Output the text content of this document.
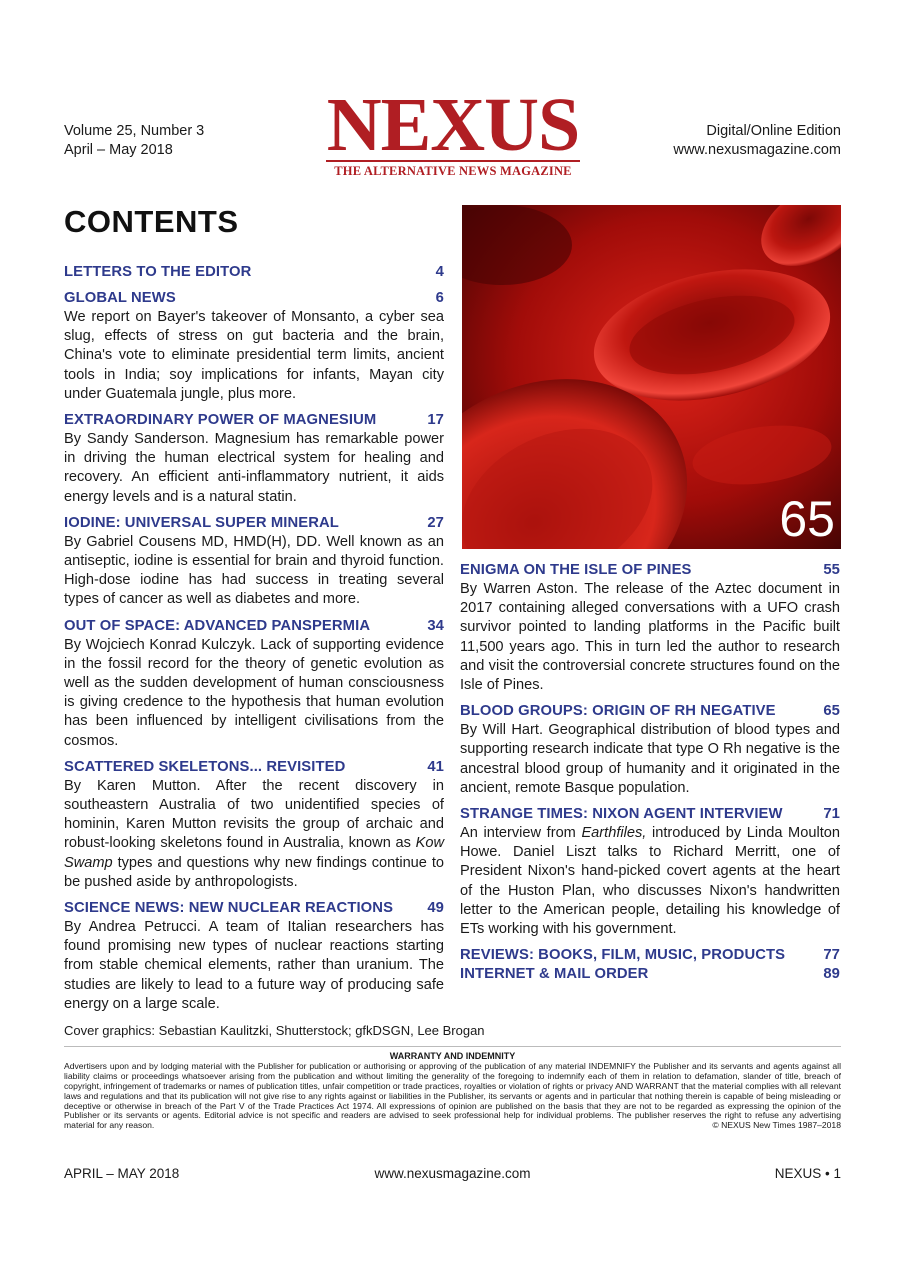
Volume 25, Number 3
April – May 2018	NEXUS
THE ALTERNATIVE NEWS MAGAZINE
Digital/Online Edition
www.nexusmagazine.com
CONTENTS
LETTERS TO THE EDITOR	4
GLOBAL NEWS	6
We report on Bayer's takeover of Monsanto, a cyber sea slug, effects of stress on gut bacteria and the brain, China's vote to eliminate presidential term limits, ancient tools in India; soy implications for infants, Mayan city under Guatemala jungle, plus more.
EXTRAORDINARY POWER OF MAGNESIUM	17
By Sandy Sanderson. Magnesium has remarkable power in driving the human electrical system for healing and recovery. An efficient anti-inflammatory nutrient, it aids energy levels and is a natural statin.
IODINE: UNIVERSAL SUPER MINERAL	27
By Gabriel Cousens MD, HMD(H), DD. Well known as an antiseptic, iodine is essential for brain and thyroid function. High-dose iodine has had success in treating several types of cancer as well as diabetes and more.
OUT OF SPACE: ADVANCED PANSPERMIA	34
By Wojciech Konrad Kulczyk. Lack of supporting evidence in the fossil record for the theory of genetic evolution as well as the sudden development of human consciousness is giving credence to the hypothesis that human evolution has been influenced by intelligent civilisations from the cosmos.
SCATTERED SKELETONS... REVISITED	41
By Karen Mutton. After the recent discovery in southeastern Australia of two unidentified species of hominin, Karen Mutton revisits the group of archaic and robust-looking skeletons found in Australia, known as Kow Swamp types and questions why new findings continue to be pushed aside by anthropologists.
SCIENCE NEWS: NEW NUCLEAR REACTIONS 49
By Andrea Petrucci. A team of Italian researchers has found promising new types of nuclear reactions starting from stable chemical elements, rather than uranium. The studies are likely to lead to a future way of producing safe energy on a large scale.
65
ENIGMA ON THE ISLE OF PINES	55
By Warren Aston. The release of the Aztec document in 2017 containing alleged conversations with a UFO crash survivor pointed to landing platforms in the Pacific built 11,500 years ago. This in turn led the author to research and visit the controversial concrete structures found on the Isle of Pines.
BLOOD GROUPS: ORIGIN OF RH NEGATIVE	65
By Will Hart. Geographical distribution of blood types and supporting research indicate that type O Rh negative is the ancestral blood group of humanity and it originated in the ancient, remote Basque population.
STRANGE TIMES: NIXON AGENT INTERVIEW	71
An interview from Earthfiles, introduced by Linda Moulton Howe. Daniel Liszt talks to Richard Merritt, one of President Nixon's hand-picked covert agents at the heart of the Huston Plan, who discusses Nixon's handwritten letter to the American people, detailing his knowledge of ETs working with his government.
REVIEWS: BOOKS, FILM, MUSIC, PRODUCTS	77
INTERNET & MAIL ORDER	89
Cover graphics: Sebastian Kaulitzki, Shutterstock; gfkDSGN, Lee Brogan
WARRANTY AND INDEMNITY
Advertisers upon and by lodging material with the Publisher for publication or authorising or approving of the publication of any material INDEMNIFY the Publisher and its servants and agents against all liability claims or proceedings whatsoever arising from the publication and without limiting the generality of the foregoing to indemnify each of them in relation to defamation, slander of title, breach of copyright, infringement of trademarks or names of publication titles, unfair competition or trade practices, royalties or violation of rights or privacy AND WARRANT that the material complies with all relevant laws and regulations and that its publication will not give rise to any rights against or liabilities in the Publisher, its servants or agents and in particular that nothing therein is capable of being misleading or deceptive or otherwise in breach of the Part V of the Trade Practices Act 1974. All expressions of opinion are published on the basis that they are not to be regarded as expressing the opinion of the Publisher or its servants or agents. Editorial advice is not specific and readers are advised to seek professional help for individual problems. The publisher reserves the right to refuse any advertising material for any reason.	© NEXUS New Times 1987–2018
APRIL – MAY 2018	www.nexusmagazine.com	NEXUS • 1
